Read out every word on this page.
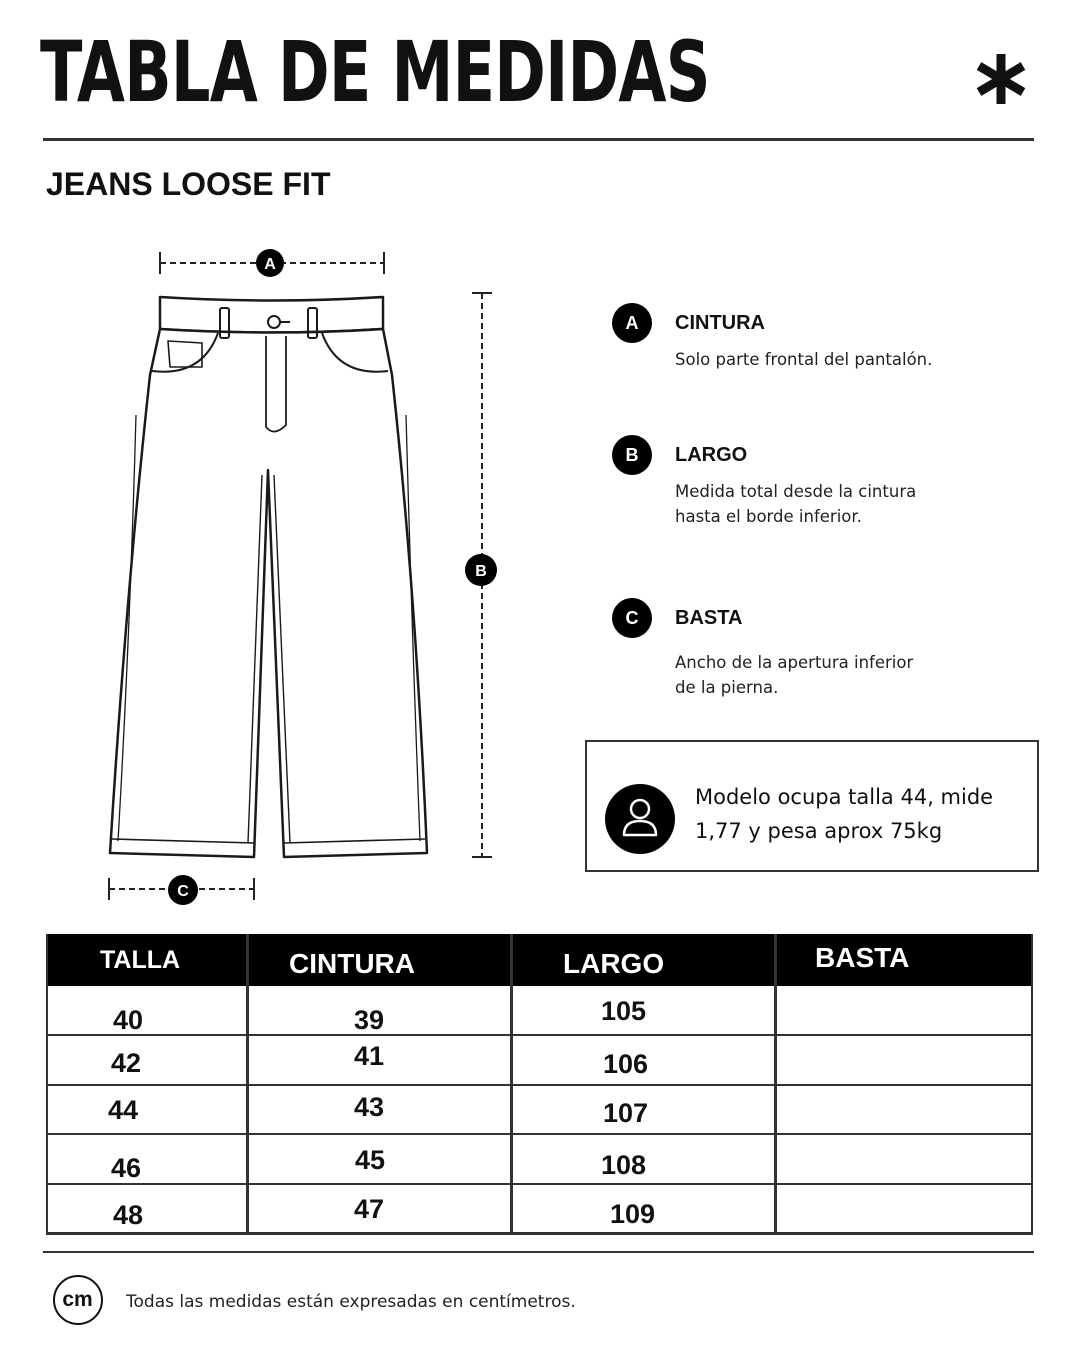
TABLA DE MEDIDAS
JEANS LOOSE FIT
A
B
C
A	CINTURA
Solo parte frontal del pantalón.
B	LARGO
Medida total desde la cintura
hasta el borde inferior.
C	BASTA
Ancho de la apertura inferior
de la pierna.
Modelo ocupa talla 44, mide
1,77 y pesa aprox 75kg
TALLA	CINTURA	LARGO	BASTA
40	39	105
42	41	106
44	43	107
46	45	108
48	47	109
cm	Todas las medidas están expresadas en centímetros.
